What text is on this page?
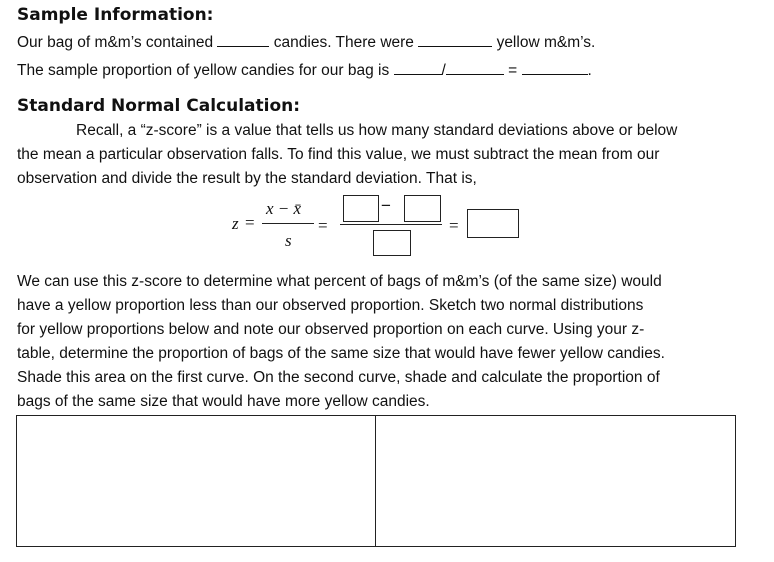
Sample Information:
Our bag of m&m’s contained	candies. There were	yellow m&m’s.
The sample proportion of yellow candies for our bag is	/	=	.
Standard Normal Calculation:
Recall, a “z-score” is a value that tells us how many standard deviations above or below
the mean a particular observation falls. To find this value, we must subtract the mean from our
observation and divide the result by the standard deviation. That is,
z =
x − x̄
s
=
−
=
We can use this z-score to determine what percent of bags of m&m’s (of the same size) would
have a yellow proportion less than our observed proportion. Sketch two normal distributions
for yellow proportions below and note our observed proportion on each curve. Using your z-
table, determine the proportion of bags of the same size that would have fewer yellow candies.
Shade this area on the first curve. On the second curve, shade and calculate the proportion of
bags of the same size that would have more yellow candies.
